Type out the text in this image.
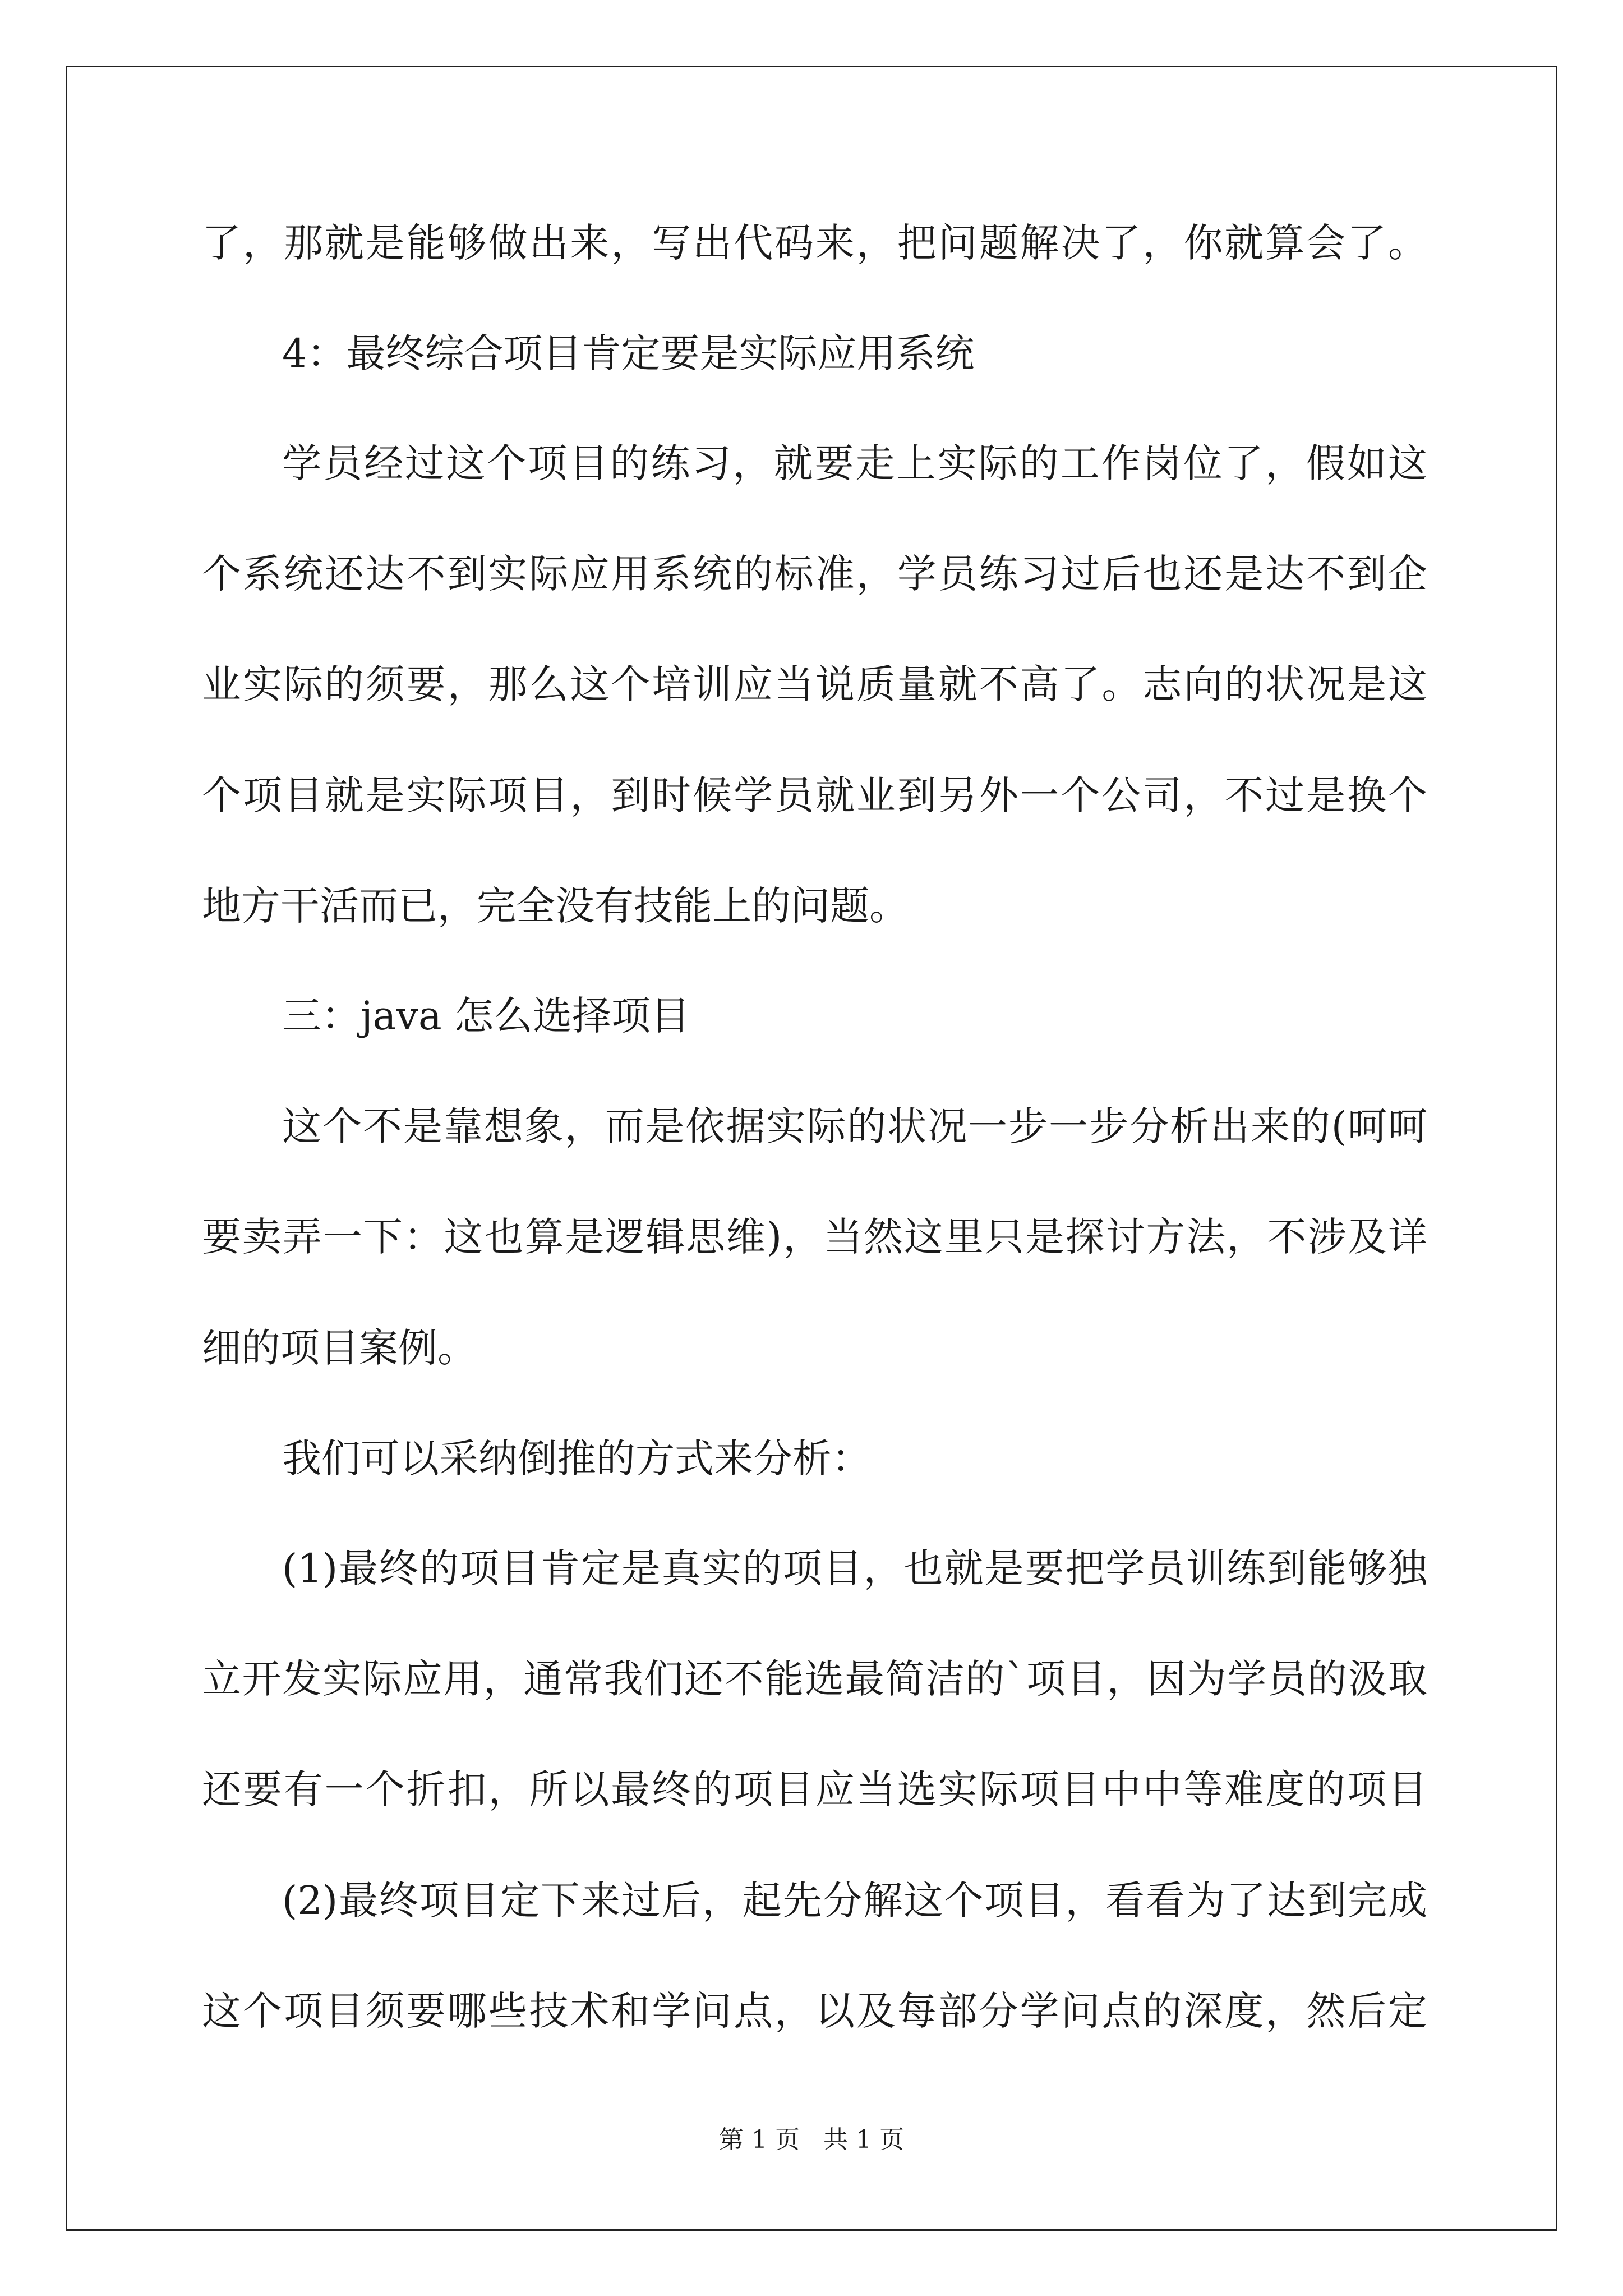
了，那就是能够做出来，写出代码来，把问题解决了，你就算会了。

4：最终综合项目肯定要是实际应用系统

学员经过这个项目的练习，就要走上实际的工作岗位了，假如这

个系统还达不到实际应用系统的标准，学员练习过后也还是达不到企

业实际的须要，那么这个培训应当说质量就不高了。志向的状况是这

个项目就是实际项目，到时候学员就业到另外一个公司，不过是换个

地方干活而已，完全没有技能上的问题。

三：java 怎么选择项目

这个不是靠想象，而是依据实际的状况一步一步分析出来的(呵呵

要卖弄一下：这也算是逻辑思维)，当然这里只是探讨方法，不涉及详

细的项目案例。

我们可以采纳倒推的方式来分析：

(1)最终的项目肯定是真实的项目，也就是要把学员训练到能够独

立开发实际应用，通常我们还不能选最简洁的`项目，因为学员的汲取

还要有一个折扣，所以最终的项目应当选实际项目中中等难度的项目

(2)最终项目定下来过后，起先分解这个项目，看看为了达到完成

这个项目须要哪些技术和学问点，以及每部分学问点的深度，然后定

第 1 页   共 1 页
